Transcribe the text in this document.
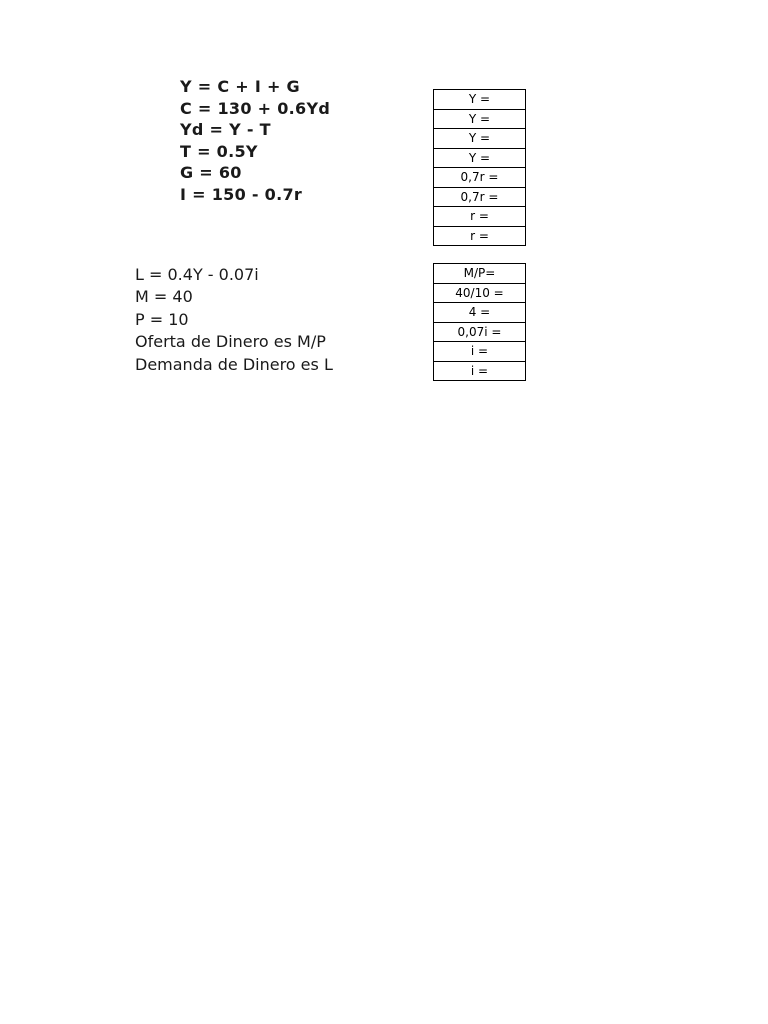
Y = C + I + G
C = 130 + 0.6Yd
Yd = Y - T
T = 0.5Y
G = 60
I = 150 - 0.7r
Y =
Y =
Y =
Y =
0,7r =
0,7r =
r =
r =
L = 0.4Y - 0.07i
M = 40
P = 10
Oferta de Dinero es M/P
Demanda de Dinero es L
M/P=
40/10 =
4 =
0,07i =
i =
i =
